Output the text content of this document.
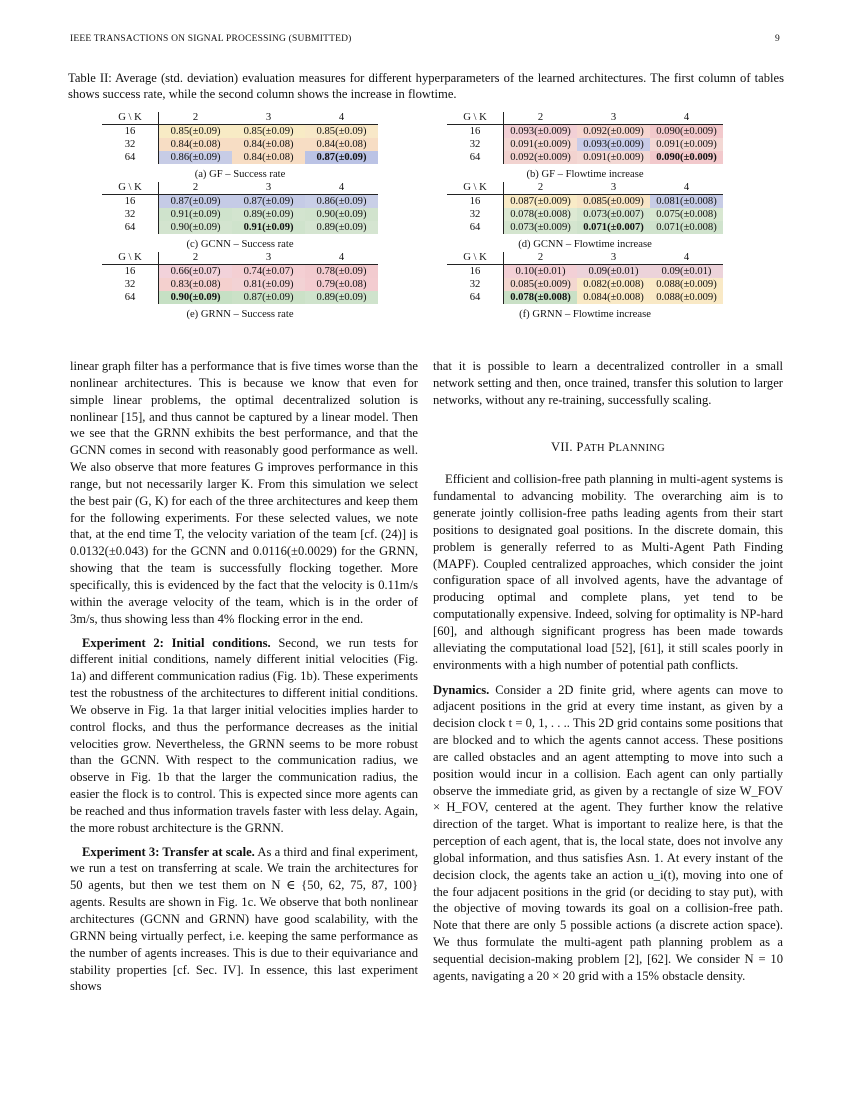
IEEE TRANSACTIONS ON SIGNAL PROCESSING (SUBMITTED)	9
Table II: Average (std. deviation) evaluation measures for different hyperparameters of the learned architectures. The first column of tables shows success rate, while the second column shows the increase in flowtime.
G \ K	2	3	4
16	0.85(±0.09)	0.85(±0.09)	0.85(±0.09)
32	0.84(±0.08)	0.84(±0.08)	0.84(±0.08)
64	0.86(±0.09)	0.84(±0.08)	0.87(±0.09)
(a) GF – Success rate
G \ K	2	3	4
16	0.093(±0.009)	0.092(±0.009)	0.090(±0.009)
32	0.091(±0.009)	0.093(±0.009)	0.091(±0.009)
64	0.092(±0.009)	0.091(±0.009)	0.090(±0.009)
(b) GF – Flowtime increase
G \ K	2	3	4
16	0.87(±0.09)	0.87(±0.09)	0.86(±0.09)
32	0.91(±0.09)	0.89(±0.09)	0.90(±0.09)
64	0.90(±0.09)	0.91(±0.09)	0.89(±0.09)
(c) GCNN – Success rate
G \ K	2	3	4
16	0.087(±0.009)	0.085(±0.009)	0.081(±0.008)
32	0.078(±0.008)	0.073(±0.007)	0.075(±0.008)
64	0.073(±0.009)	0.071(±0.007)	0.071(±0.008)
(d) GCNN – Flowtime increase
G \ K	2	3	4
16	0.66(±0.07)	0.74(±0.07)	0.78(±0.09)
32	0.83(±0.08)	0.81(±0.09)	0.79(±0.08)
64	0.90(±0.09)	0.87(±0.09)	0.89(±0.09)
(e) GRNN – Success rate
G \ K	2	3	4
16	0.10(±0.01)	0.09(±0.01)	0.09(±0.01)
32	0.085(±0.009)	0.082(±0.008)	0.088(±0.009)
64	0.078(±0.008)	0.084(±0.008)	0.088(±0.009)
(f) GRNN – Flowtime increase

linear graph filter has a performance that is five times worse than the nonlinear architectures. This is because we know that even for simple linear problems, the optimal decentralized solution is nonlinear [15], and thus cannot be captured by a linear model. Then we see that the GRNN exhibits the best performance, and that the GCNN comes in second with reasonably good performance as well. We also observe that more features G improves performance in this range, but not necessarily larger K. From this simulation we select the best pair (G, K) for each of the three architectures and keep them for the following experiments. For these selected values, we note that, at the end time T, the velocity variation of the team [cf. (24)] is 0.0132(±0.043) for the GCNN and 0.0116(±0.0029) for the GRNN, showing that the team is successfully flocking together. More specifically, this is evidenced by the fact that the velocity is 0.11m/s within the average velocity of the team, which is in the order of 3m/s, thus showing less than 4% flocking error in the end.

Experiment 2: Initial conditions. Second, we run tests for different initial conditions, namely different initial velocities (Fig. 1a) and different communication radius (Fig. 1b). These experiments test the robustness of the architectures to different initial conditions. We observe in Fig. 1a that larger initial velocities implies harder to control flocks, and thus the performance decreases as the initial velocities grow. Nevertheless, the GRNN seems to be more robust than the GCNN. With respect to the communication radius, we observe in Fig. 1b that the larger the communication radius, the easier the flock is to control. This is expected since more agents can be reached and thus information travels faster with less delay. Again, the more robust architecture is the GRNN.

Experiment 3: Transfer at scale. As a third and final experiment, we run a test on transferring at scale. We train the architectures for 50 agents, but then we test them on N ∈ {50, 62, 75, 87, 100} agents. Results are shown in Fig. 1c. We observe that both nonlinear architectures (GCNN and GRNN) have good scalability, with the GRNN being virtually perfect, i.e. keeping the same performance as the number of agents increases. This is due to their equivariance and stability properties [cf. Sec. IV]. In essence, this last experiment shows

that it is possible to learn a decentralized controller in a small network setting and then, once trained, transfer this solution to larger networks, without any re-training, successfully scaling.

VII. PATH PLANNING

Efficient and collision-free path planning in multi-agent systems is fundamental to advancing mobility. The overarching aim is to generate jointly collision-free paths leading agents from their start positions to designated goal positions. In the discrete domain, this problem is generally referred to as Multi-Agent Path Finding (MAPF). Coupled centralized approaches, which consider the joint configuration space of all involved agents, have the advantage of producing optimal and complete plans, yet tend to be computationally expensive. Indeed, solving for optimality is NP-hard [60], and although significant progress has been made towards alleviating the computational load [52], [61], it still scales poorly in environments with a high number of potential path conflicts.

Dynamics. Consider a 2D finite grid, where agents can move to adjacent positions in the grid at every time instant, as given by a decision clock t = 0, 1, . . .. This 2D grid contains some positions that are blocked and to which the agents cannot access. These positions are called obstacles and an agent attempting to move into such a position would incur in a collision. Each agent can only partially observe the immediate grid, as given by a rectangle of size W_FOV × H_FOV, centered at the agent. They further know the relative direction of the target. What is important to realize here, is that the perception of each agent, that is, the local state, does not involve any global information, and thus satisfies Asn. 1. At every instant of the decision clock, the agents take an action u_i(t), moving into one of the four adjacent positions in the grid (or deciding to stay put), with the objective of moving towards its goal on a collision-free path. Note that there are only 5 possible actions (a discrete action space). We thus formulate the multi-agent path planning problem as a sequential decision-making problem [2], [62]. We consider N = 10 agents, navigating a 20 × 20 grid with a 15% obstacle density.
